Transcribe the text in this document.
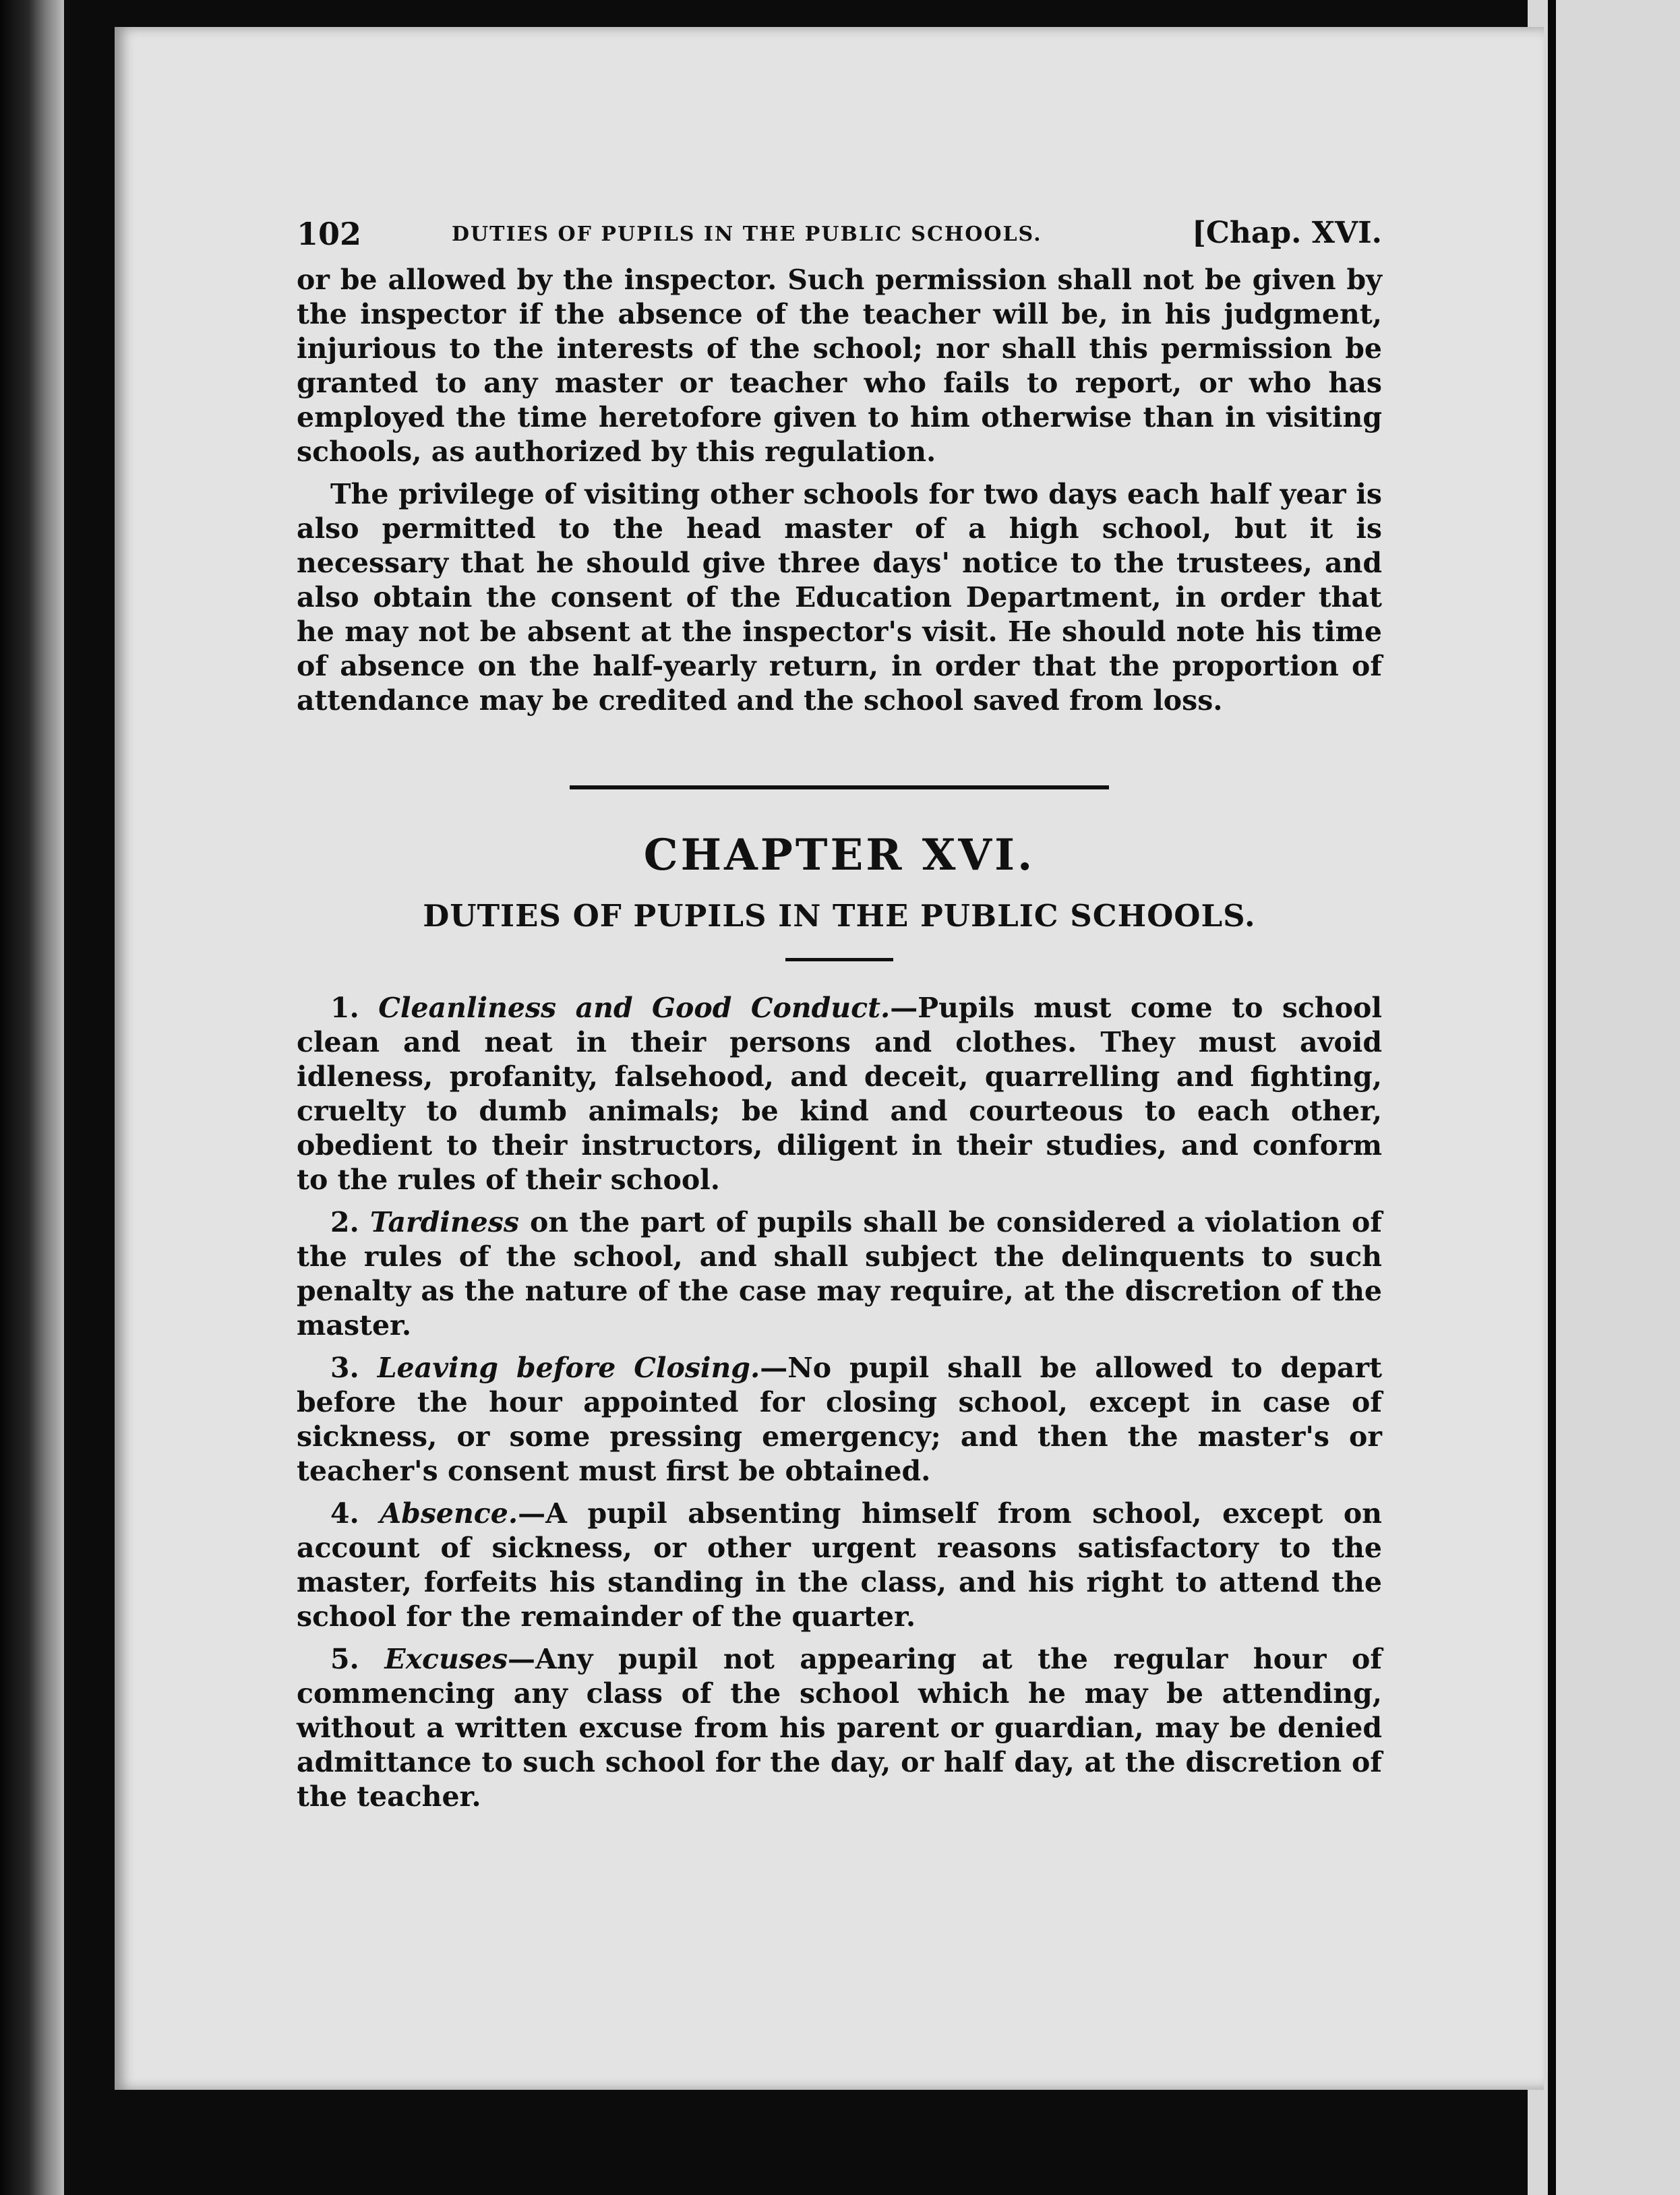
102	DUTIES OF PUPILS IN THE PUBLIC SCHOOLS.	[Chap. XVI.

or be allowed by the inspector. Such permission shall not be given by the inspector if the absence of the teacher will be, in his judgment, injurious to the interests of the school; nor shall this permission be granted to any master or teacher who fails to report, or who has employed the time heretofore given to him otherwise than in visiting schools, as authorized by this regulation.

The privilege of visiting other schools for two days each half year is also permitted to the head master of a high school, but it is necessary that he should give three days' notice to the trustees, and also obtain the consent of the Education Department, in order that he may not be absent at the inspector's visit. He should note his time of absence on the half-yearly return, in order that the proportion of attendance may be credited and the school saved from loss.

CHAPTER XVI.
DUTIES OF PUPILS IN THE PUBLIC SCHOOLS.

1. Cleanliness and Good Conduct.—Pupils must come to school clean and neat in their persons and clothes. They must avoid idleness, profanity, falsehood, and deceit, quarrelling and fighting, cruelty to dumb animals; be kind and courteous to each other, obedient to their instructors, diligent in their studies, and conform to the rules of their school.

2. Tardiness on the part of pupils shall be considered a violation of the rules of the school, and shall subject the delinquents to such penalty as the nature of the case may require, at the discretion of the master.

3. Leaving before Closing.—No pupil shall be allowed to depart before the hour appointed for closing school, except in case of sickness, or some pressing emergency; and then the master's or teacher's consent must first be obtained.

4. Absence.—A pupil absenting himself from school, except on account of sickness, or other urgent reasons satisfactory to the master, forfeits his standing in the class, and his right to attend the school for the remainder of the quarter.

5. Excuses—Any pupil not appearing at the regular hour of commencing any class of the school which he may be attending, without a written excuse from his parent or guardian, may be denied admittance to such school for the day, or half day, at the discretion of the teacher.
